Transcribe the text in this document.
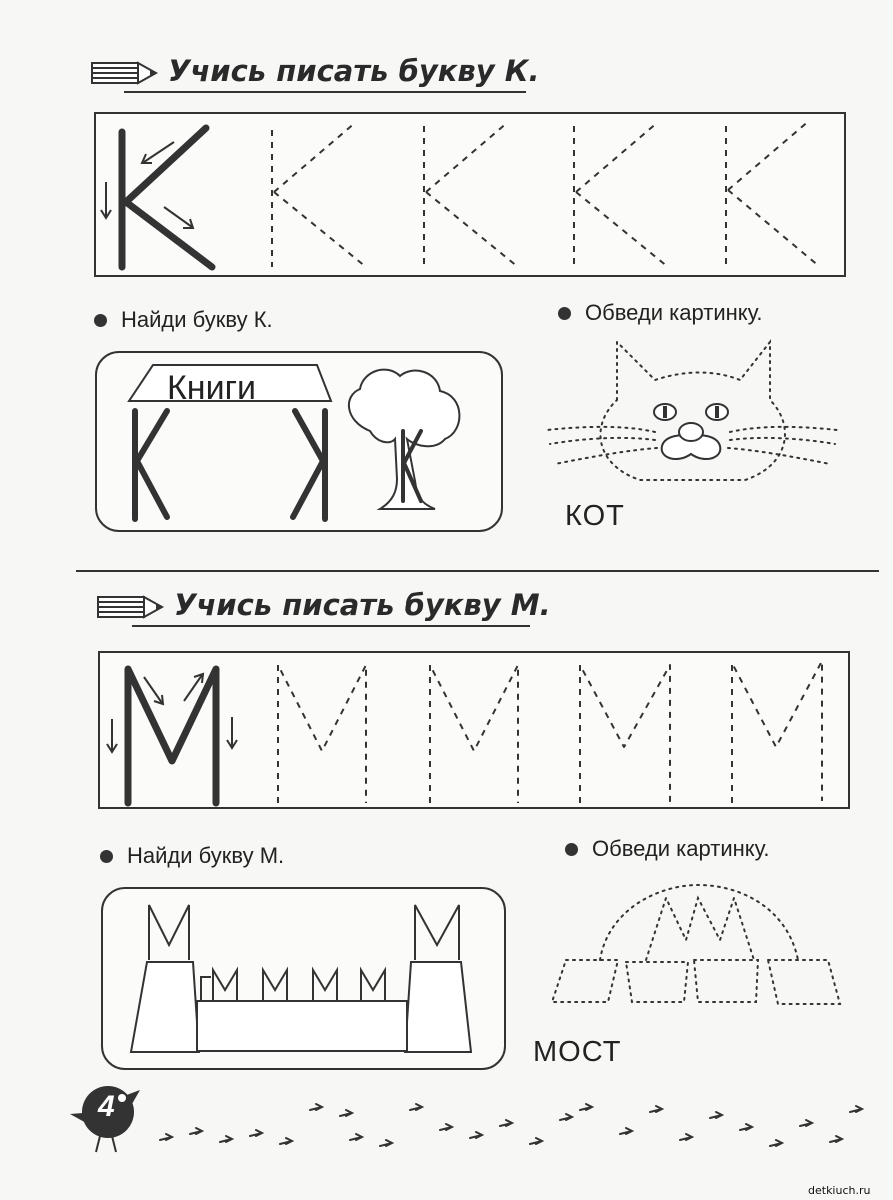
Учись писать букву К.
Найди букву К.	Обведи картинку.
Книги
КОТ
Учись писать букву М.
Найди букву М.	Обведи картинку.
МОСТ
4
detkiuch.ru
